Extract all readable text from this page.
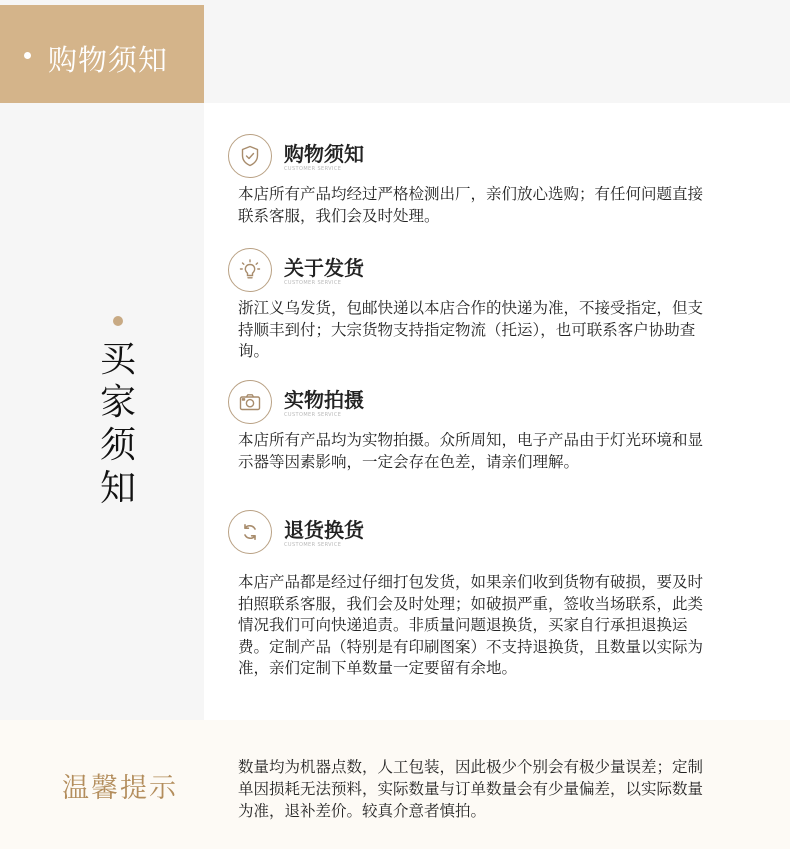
购物须知
买
家
须
知
购物须知
CUSTOMER SERVICE

本店所有产品均经过严格检测出厂，亲们放心选购；有任何问题直接联系客服，我们会及时处理。

关于发货
CUSTOMER SERVICE

浙江义乌发货，包邮快递以本店合作的快递为准，不接受指定，但支持顺丰到付；大宗货物支持指定物流（托运），也可联系客户协助查询。

实物拍摄
CUSTOMER SERVICE

本店所有产品均为实物拍摄。众所周知，电子产品由于灯光环境和显示器等因素影响，一定会存在色差，请亲们理解。

退货换货
CUSTOMER SERVICE

本店产品都是经过仔细打包发货，如果亲们收到货物有破损，要及时拍照联系客服，我们会及时处理；如破损严重，签收当场联系，此类情况我们可向快递追责。非质量问题退换货，买家自行承担退换运费。定制产品（特别是有印刷图案）不支持退换货，且数量以实际为准，亲们定制下单数量一定要留有余地。

温馨提示

数量均为机器点数，人工包装，因此极少个别会有极少量误差；定制单因损耗无法预料，实际数量与订单数量会有少量偏差，以实际数量为准，退补差价。较真介意者慎拍。
